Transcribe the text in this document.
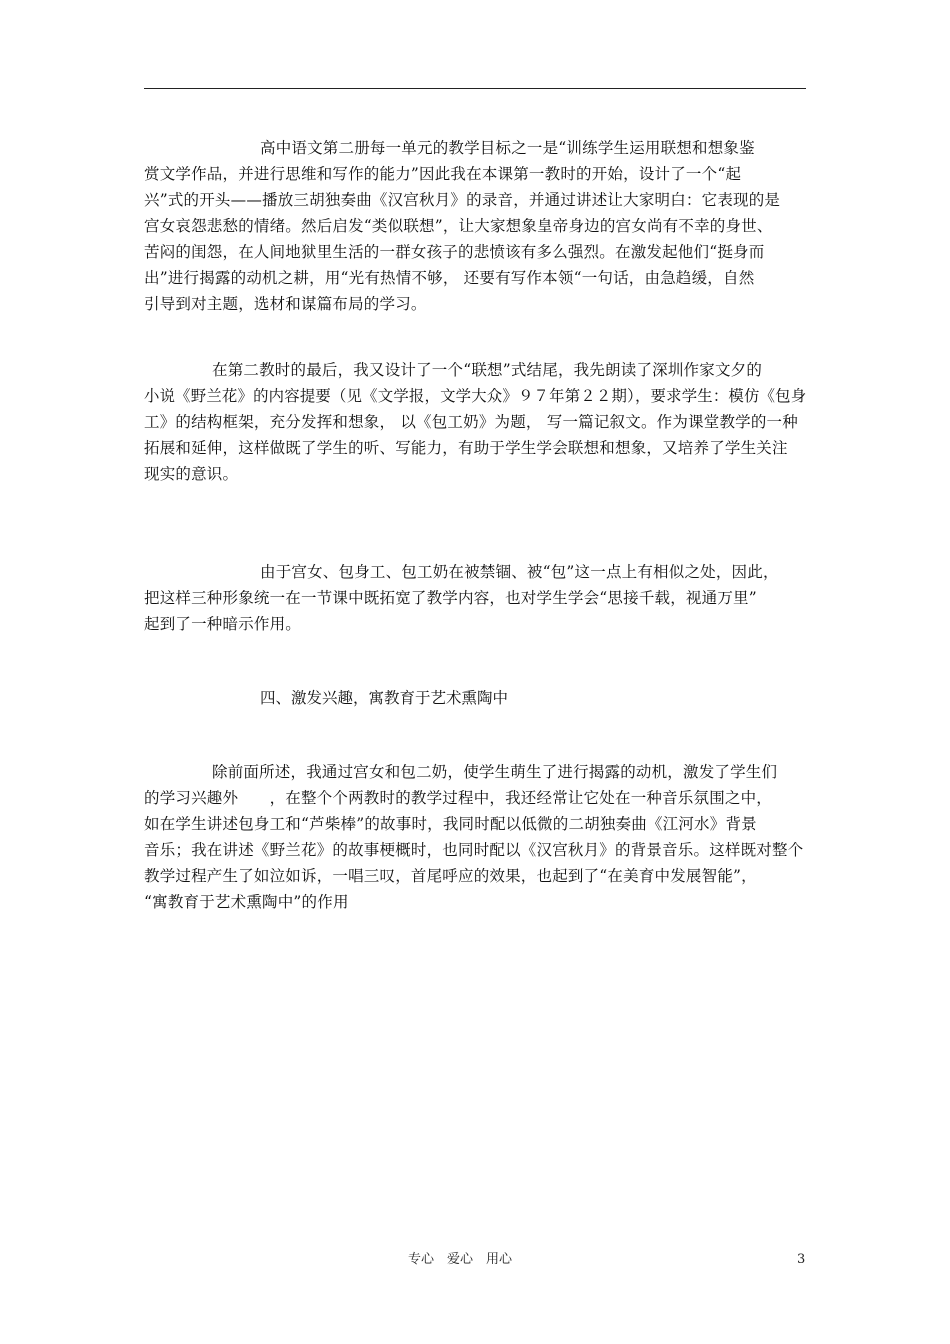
高中语文第二册每一单元的教学目标之一是“训练学生运用联想和想象鉴
赏文学作品，并进行思维和写作的能力”因此我在本课第一教时的开始，设计了一个“起
兴”式的开头——播放三胡独奏曲《汉宫秋月》的录音，并通过讲述让大家明白：它表现的是
宫女哀怨悲愁的情绪。然后启发“类似联想”，让大家想象皇帝身边的宫女尚有不幸的身世、
苦闷的闺怨，在人间地狱里生活的一群女孩子的悲愤该有多么强烈。在激发起他们“挺身而
出”进行揭露的动机之耕，用“光有热情不够， 还要有写作本领“一句话，由急趋缓，自然
引导到对主题，选材和谋篇布局的学习。
在第二教时的最后，我又设计了一个“联想”式结尾，我先朗读了深圳作家文夕的
小说《野兰花》的内容提要（见《文学报，文学大众》９７年第２２期），要求学生：模仿《包身
工》的结构框架，充分发挥和想象， 以《包工奶》为题， 写一篇记叙文。作为课堂教学的一种
拓展和延伸，这样做既了学生的听、写能力，有助于学生学会联想和想象，又培养了学生关注
现实的意识。
由于宫女、包身工、包工奶在被禁锢、被“包”这一点上有相似之处，因此，
把这样三种形象统一在一节课中既拓宽了教学内容，也对学生学会“思接千载，视通万里”
起到了一种暗示作用。
四、激发兴趣，寓教育于艺术熏陶中
除前面所述，我通过宫女和包二奶，使学生萌生了进行揭露的动机，激发了学生们
的学习兴趣外　　，在整个个两教时的教学过程中，我还经常让它处在一种音乐氛围之中，
如在学生讲述包身工和“芦柴棒”的故事时，我同时配以低微的二胡独奏曲《江河水》背景
音乐；我在讲述《野兰花》的故事梗概时，也同时配以《汉宫秋月》的背景音乐。这样既对整个
教学过程产生了如泣如诉，一唱三叹，首尾呼应的效果，也起到了“在美育中发展智能”，
“寓教育于艺术熏陶中”的作用
专心　爱心　用心	3
